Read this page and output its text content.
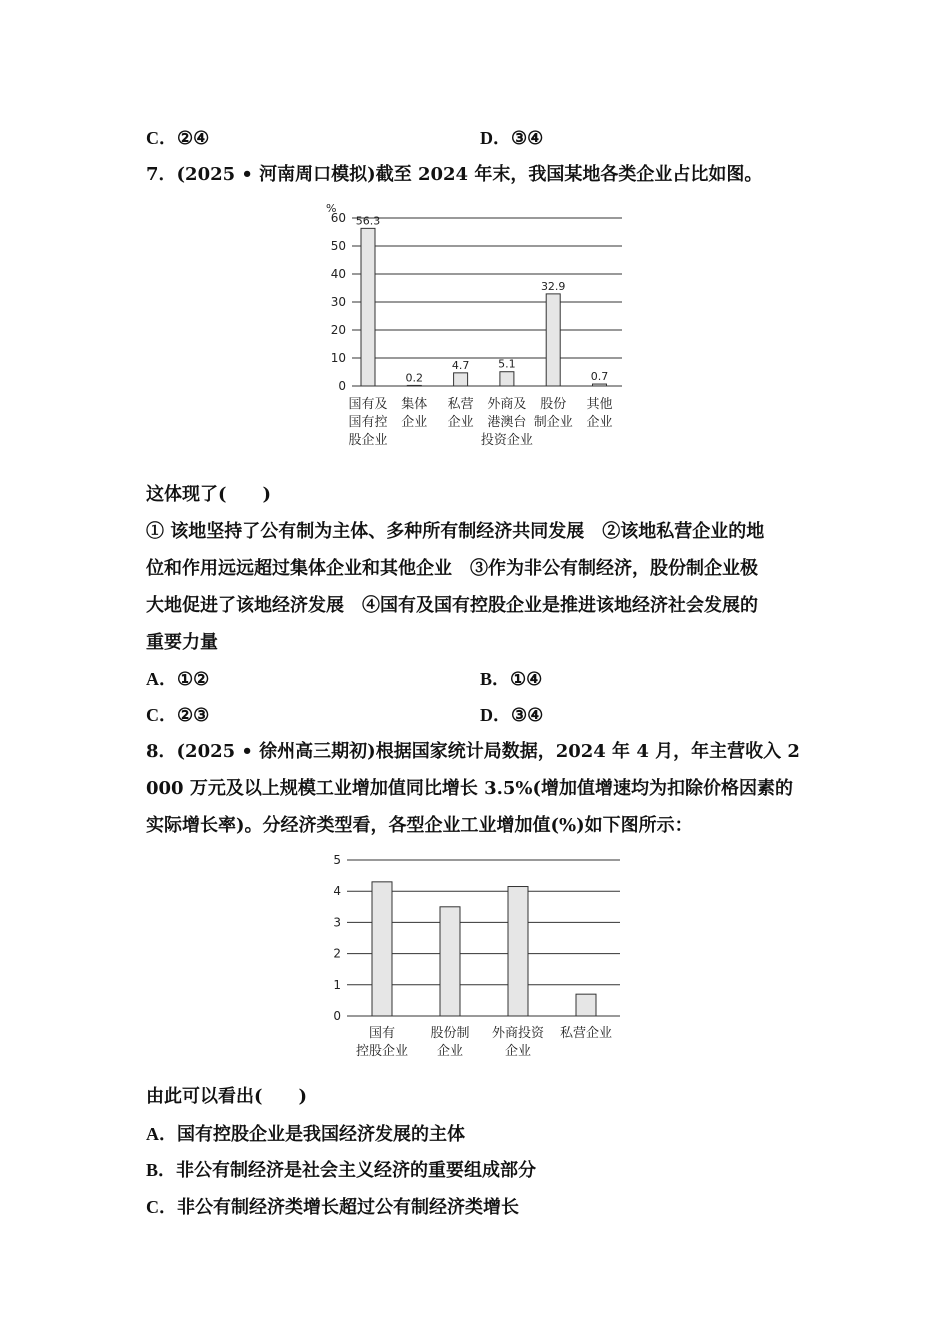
C．②④	D．③④
7．(2025 • 河南周口模拟)截至 2024 年末，我国某地各类企业占比如图。
%
0
10
20
30
40
50
60 56.3
国有及
国有控
股企业
0.2
集体
企业
4.7
私营
企业
5.1
外商及
港澳台
投资企业
32.9
股份
制企业
0.7
其他
企业
这体现了(　　)
① 该地坚持了公有制为主体、多种所有制经济共同发展　②该地私营企业的地
位和作用远远超过集体企业和其他企业　③作为非公有制经济，股份制企业极
大地促进了该地经济发展　④国有及国有控股企业是推进该地经济社会发展的
重要力量
A．①②	B．①④
C．②③	D．③④
8．(2025 • 徐州高三期初)根据国家统计局数据，2024 年 4 月，年主营收入 2
000 万元及以上规模工业增加值同比增长 3.5%(增加值增速均为扣除价格因素的
实际增长率)。分经济类型看，各型企业工业增加值(%)如下图所示：
0
1
2
3
4
5
国有
控股企业
股份制
企业
外商投资
企业
私营企业
由此可以看出(　　)
A．国有控股企业是我国经济发展的主体
B．非公有制经济是社会主义经济的重要组成部分
C．非公有制经济类增长超过公有制经济类增长
